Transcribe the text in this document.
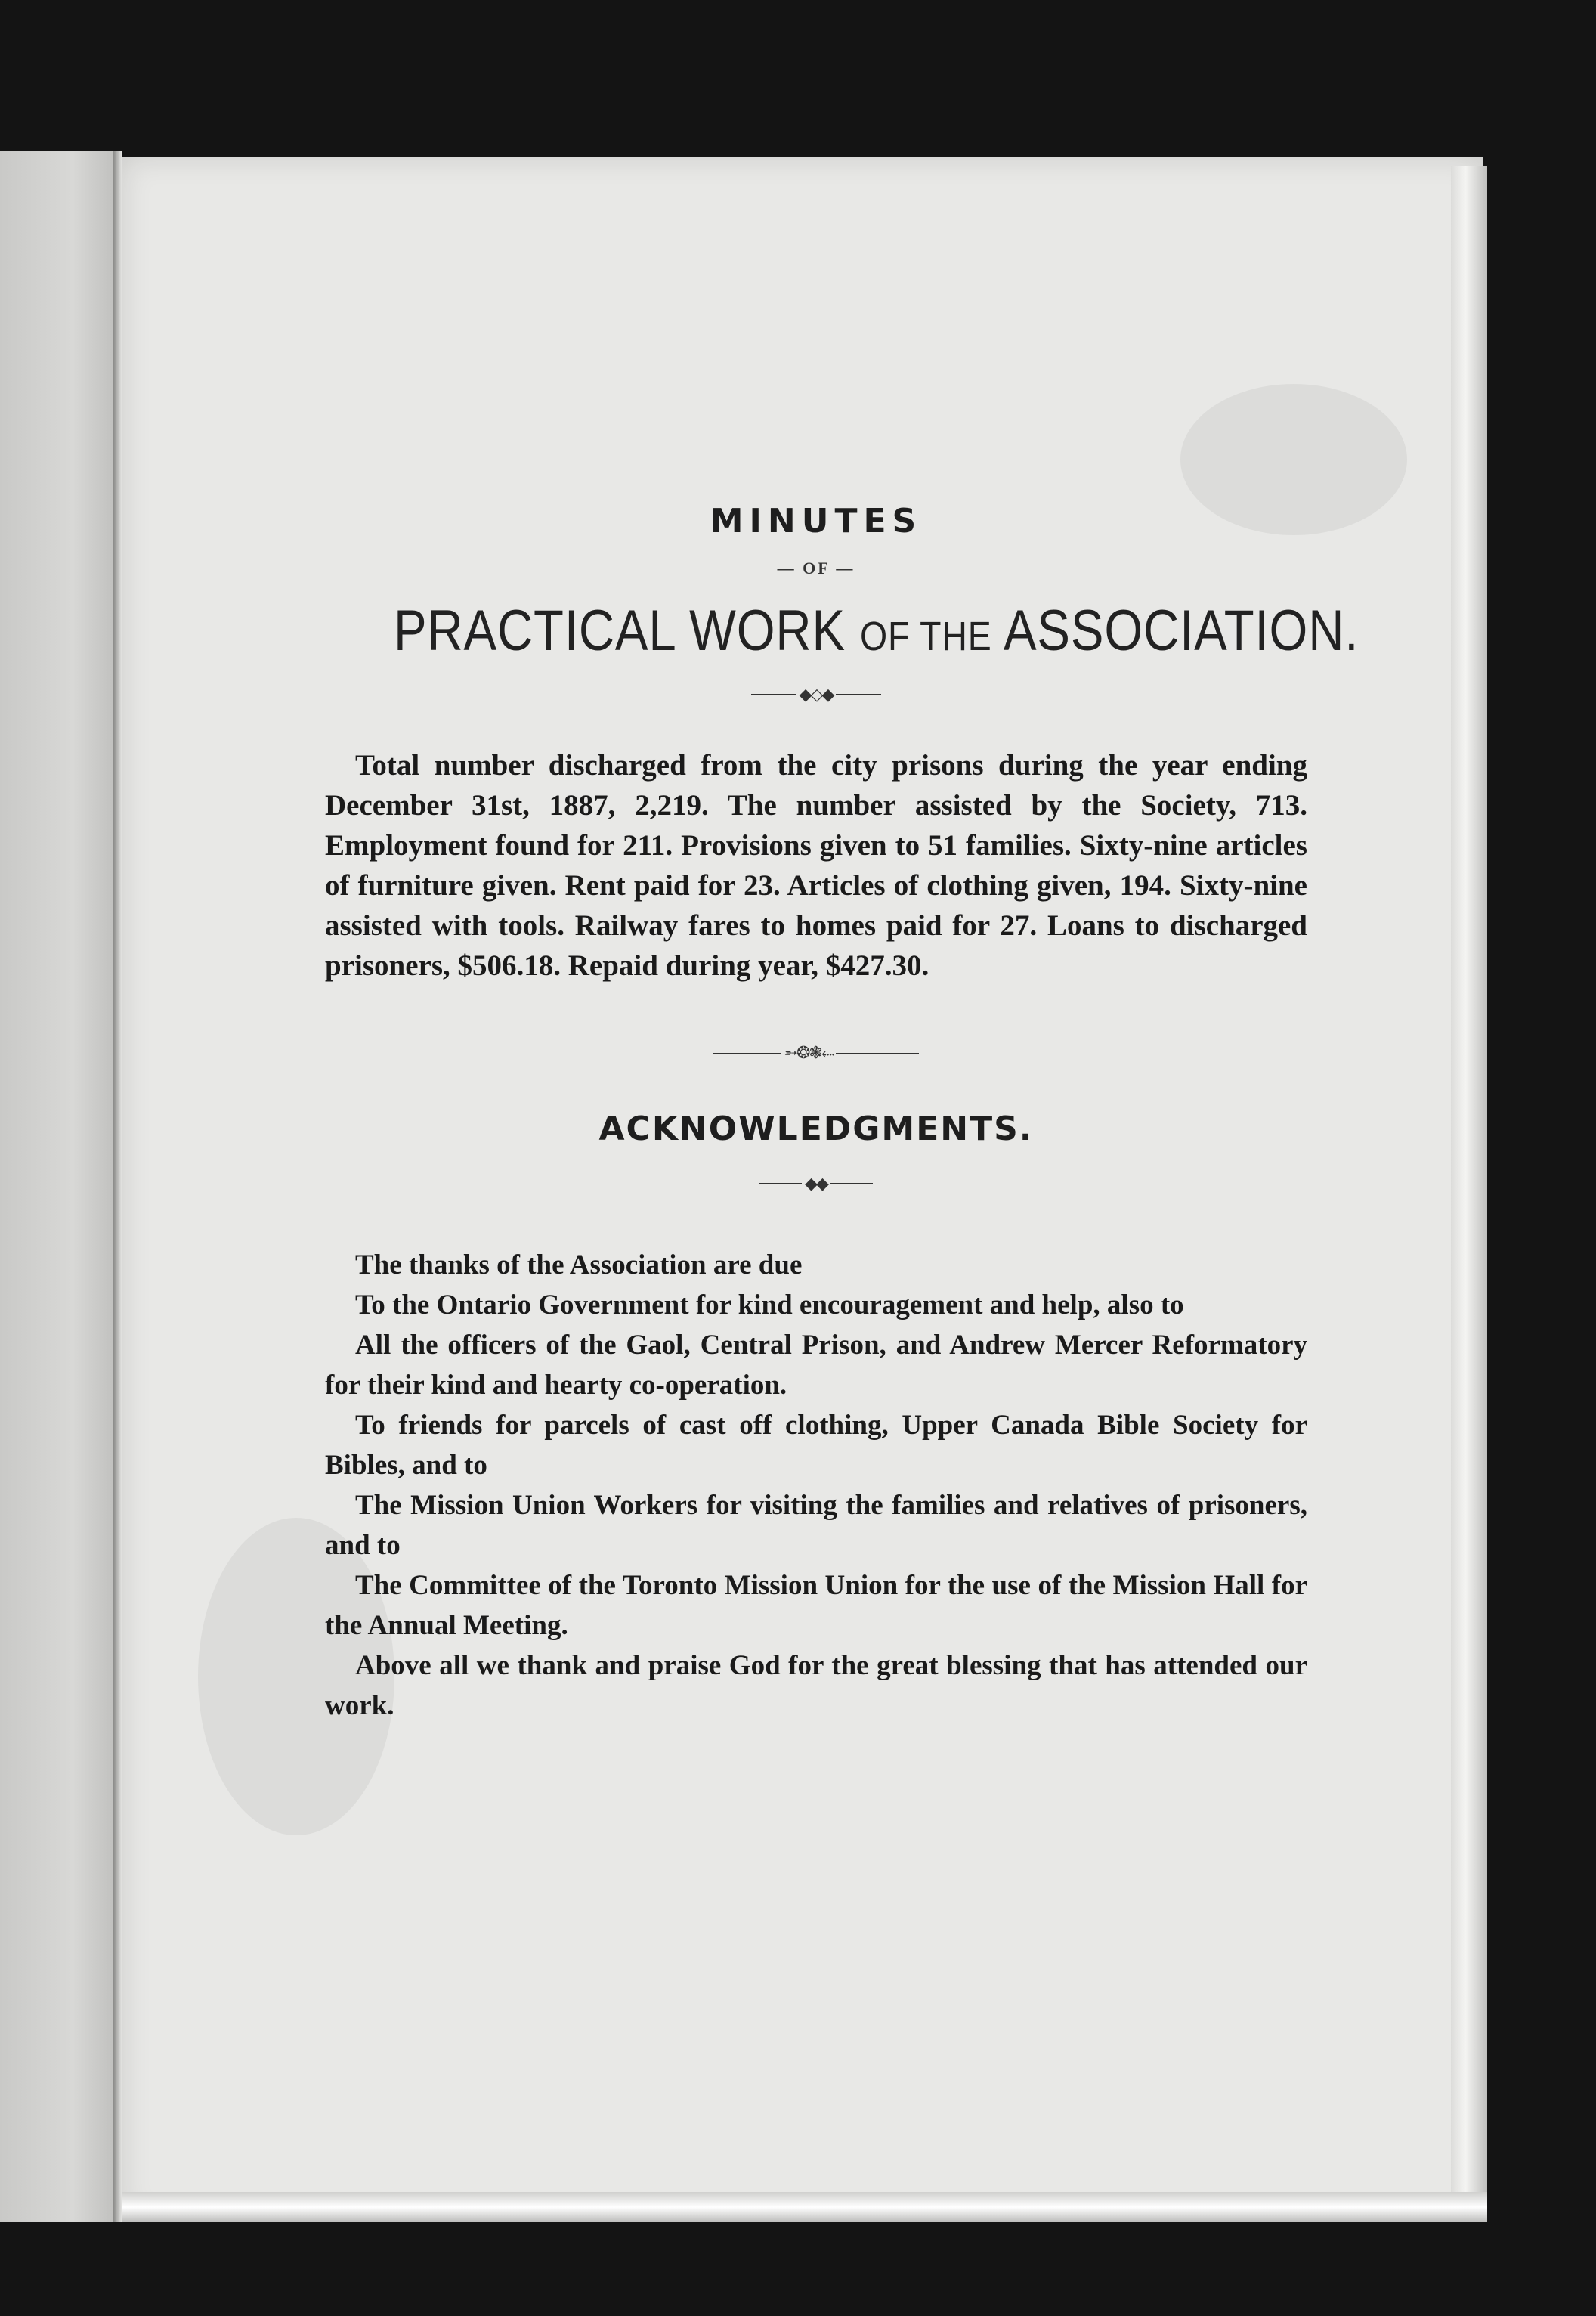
MINUTES
— OF —
PRACTICAL WORK OF THE ASSOCIATION.
◆◇◆

Total number discharged from the city prisons during the year ending December 31st, 1887, 2,219. The number assisted by the Society, 713. Employment found for 211. Provisions given to 51 families. Sixty-nine articles of furniture given. Rent paid for 23. Articles of clothing given, 194. Sixty-nine assisted with tools. Railway fares to homes paid for 27. Loans to discharged prisoners, $506.18. Repaid during year, $427.30.

➵❂❃⬸
ACKNOWLEDGMENTS.
◆◆

The thanks of the Association are due

To the Ontario Government for kind encouragement and help, also to

All the officers of the Gaol, Central Prison, and Andrew Mercer Reformatory for their kind and hearty co-operation.

To friends for parcels of cast off clothing, Upper Canada Bible Society for Bibles, and to

The Mission Union Workers for visiting the families and relatives of prisoners, and to

The Committee of the Toronto Mission Union for the use of the Mission Hall for the Annual Meeting.

Above all we thank and praise God for the great blessing that has attended our work.
